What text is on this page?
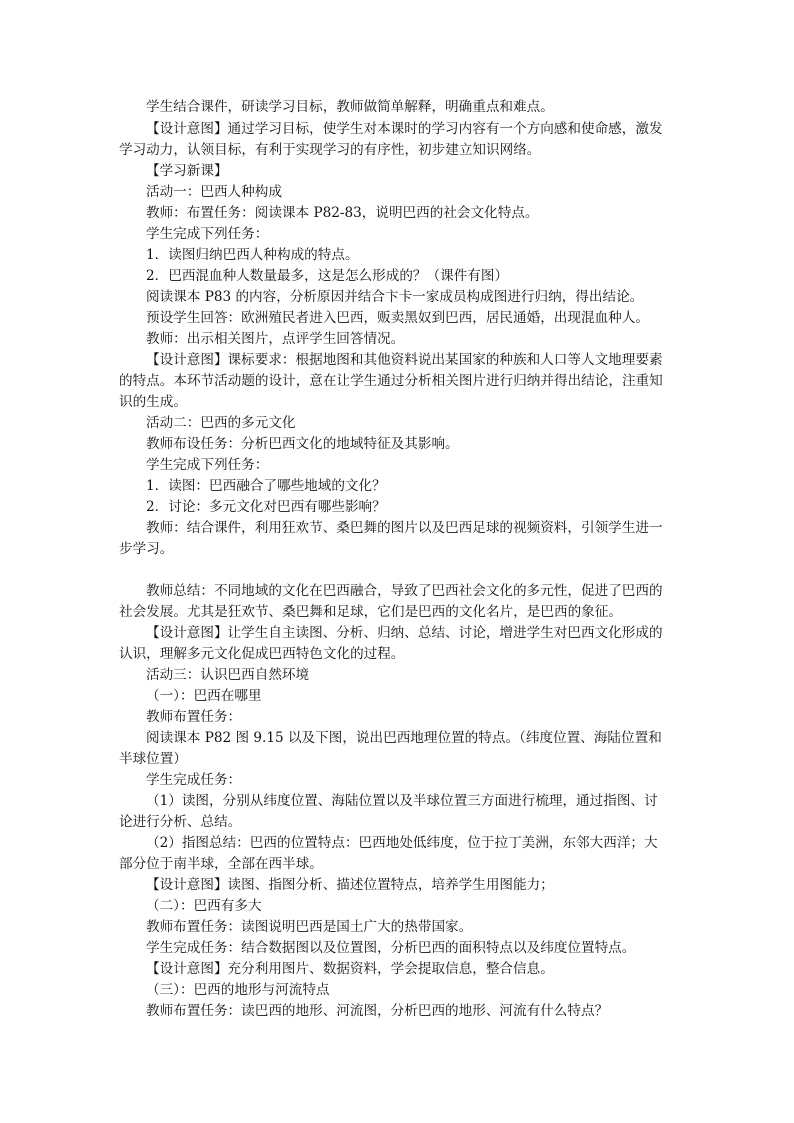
学生结合课件，研读学习目标，教师做简单解释，明确重点和难点。
【设计意图】通过学习目标，使学生对本课时的学习内容有一个方向感和使命感，激发
学习动力，认领目标，有利于实现学习的有序性，初步建立知识网络。
【学习新课】
活动一：巴西人种构成
教师：布置任务：阅读课本 P82-83，说明巴西的社会文化特点。
学生完成下列任务：
1．读图归纳巴西人种构成的特点。
2．巴西混血种人数量最多，这是怎么形成的？（课件有图）
阅读课本 P83 的内容，分析原因并结合卞卡一家成员构成图进行归纳，得出结论。
预设学生回答：欧洲殖民者进入巴西，贩卖黑奴到巴西，居民通婚，出现混血种人。
教师：出示相关图片，点评学生回答情况。
【设计意图】课标要求：根据地图和其他资料说出某国家的种族和人口等人文地理要素
的特点。本环节活动题的设计，意在让学生通过分析相关图片进行归纳并得出结论，注重知
识的生成。
活动二：巴西的多元文化
教师布设任务：分析巴西文化的地域特征及其影响。
学生完成下列任务：
1．读图：巴西融合了哪些地域的文化？
2．讨论：多元文化对巴西有哪些影响？
教师：结合课件，利用狂欢节、桑巴舞的图片以及巴西足球的视频资料，引领学生进一
步学习。
教师总结：不同地域的文化在巴西融合，导致了巴西社会文化的多元性，促进了巴西的
社会发展。尤其是狂欢节、桑巴舞和足球，它们是巴西的文化名片，是巴西的象征。
【设计意图】让学生自主读图、分析、归纳、总结、讨论，增进学生对巴西文化形成的
认识，理解多元文化促成巴西特色文化的过程。
活动三：认识巴西自然环境
（一）：巴西在哪里
教师布置任务：
阅读课本 P82 图 9.15 以及下图，说出巴西地理位置的特点。（纬度位置、海陆位置和
半球位置）
学生完成任务：
（1）读图，分别从纬度位置、海陆位置以及半球位置三方面进行梳理，通过指图、讨
论进行分析、总结。
（2）指图总结：巴西的位置特点：巴西地处低纬度，位于拉丁美洲，东邻大西洋；大
部分位于南半球，全部在西半球。
【设计意图】读图、指图分析、描述位置特点，培养学生用图能力；
（二）：巴西有多大
教师布置任务：读图说明巴西是国土广大的热带国家。
学生完成任务：结合数据图以及位置图，分析巴西的面积特点以及纬度位置特点。
【设计意图】充分利用图片、数据资料，学会提取信息，整合信息。
（三）：巴西的地形与河流特点
教师布置任务：读巴西的地形、河流图，分析巴西的地形、河流有什么特点？
